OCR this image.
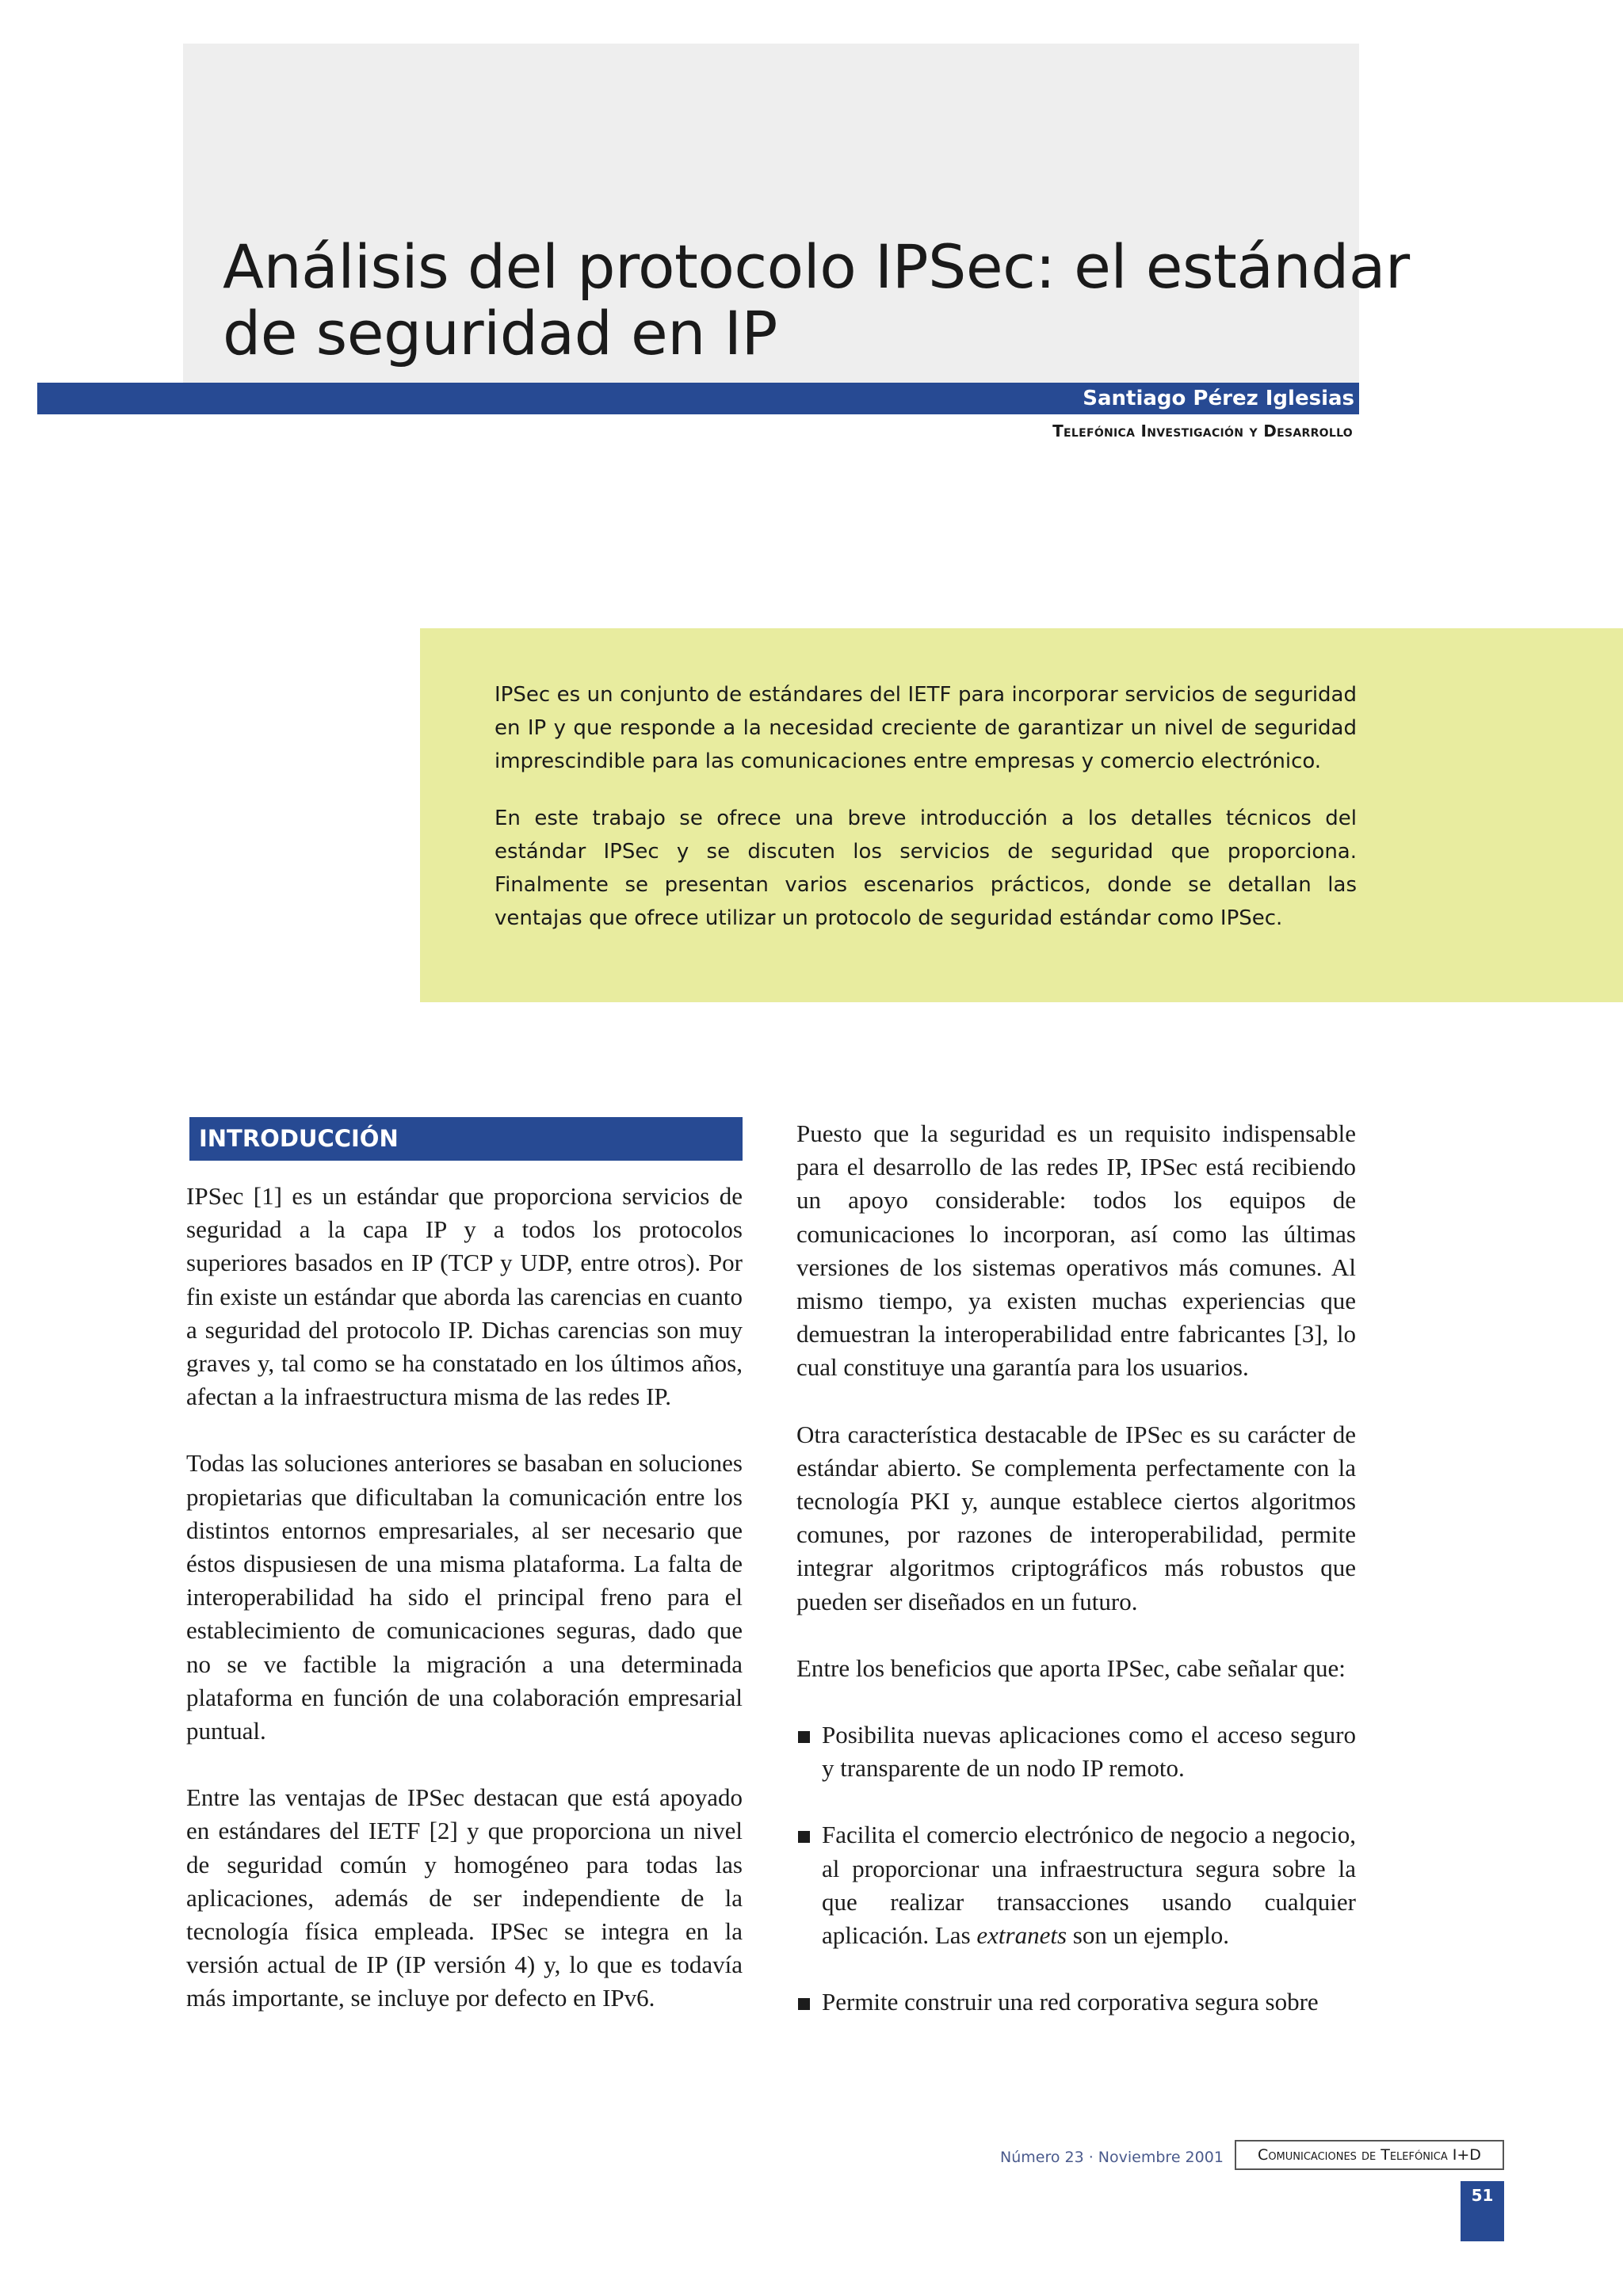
Análisis del protocolo IPSec: el estándar
de seguridad en IP
Santiago Pérez Iglesias
Telefónica Investigación y Desarrollo

IPSec es un conjunto de estándares del IETF para incorporar servicios de seguridad en IP y que responde a la necesidad creciente de garantizar un nivel de seguridad imprescindible para las comunicaciones entre empresas y comercio electrónico.

En este trabajo se ofrece una breve introducción a los detalles técnicos del estándar IPSec y se discuten los servicios de seguridad que proporciona. Finalmente se presentan varios escenarios prácticos, donde se detallan las ventajas que ofrece utilizar un protocolo de seguridad estándar como IPSec.

INTRODUCCIÓN

IPSec [1] es un estándar que proporciona servicios de seguridad a la capa IP y a todos los protocolos superiores basados en IP (TCP y UDP, entre otros). Por fin existe un estándar que aborda las carencias en cuanto a seguridad del protocolo IP. Dichas carencias son muy graves y, tal como se ha constatado en los últimos años, afectan a la infraestructura misma de las redes IP.

Todas las soluciones anteriores se basaban en soluciones propietarias que dificultaban la comunicación entre los distintos entornos empresariales, al ser necesario que éstos dispusiesen de una misma plataforma. La falta de interoperabilidad ha sido el principal freno para el establecimiento de comunicaciones seguras, dado que no se ve factible la migración a una determinada plataforma en función de una colaboración empresarial puntual.

Entre las ventajas de IPSec destacan que está apoyado en estándares del IETF [2] y que proporciona un nivel de seguridad común y homogéneo para todas las aplicaciones, además de ser independiente de la tecnología física empleada. IPSec se integra en la versión actual de IP (IP versión 4) y, lo que es todavía más importante, se incluye por defecto en IPv6.

Puesto que la seguridad es un requisito indispensable para el desarrollo de las redes IP, IPSec está recibiendo un apoyo considerable: todos los equipos de comunicaciones lo incorporan, así como las últimas versiones de los sistemas operativos más comunes. Al mismo tiempo, ya existen muchas experiencias que demuestran la interoperabilidad entre fabricantes [3], lo cual constituye una garantía para los usuarios.

Otra característica destacable de IPSec es su carácter de estándar abierto. Se complementa perfectamente con la tecnología PKI y, aunque establece ciertos algoritmos comunes, por razones de interoperabilidad, permite integrar algoritmos criptográficos más robustos que pueden ser diseñados en un futuro.

Entre los beneficios que aporta IPSec, cabe señalar que:

Posibilita nuevas aplicaciones como el acceso seguro y transparente de un nodo IP remoto.
Facilita el comercio electrónico de negocio a negocio, al proporcionar una infraestructura segura sobre la que realizar transacciones usando cualquier aplicación. Las extranets son un ejemplo.
Permite construir una red corporativa segura sobre
Número 23 · Noviembre 2001	Comunicaciones de Telefónica I+D
51
